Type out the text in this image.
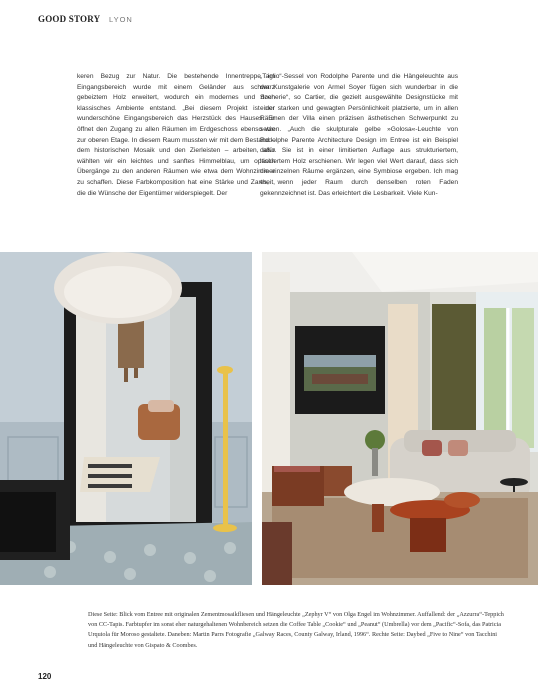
GOOD STORY LYON
keren Bezug zur Natur. Die bestehende Innentreppe im Eingangsbereich wurde mit einem Geländer aus schwarz gebeiztem Holz erweitert, wodurch ein modernes und doch klassisches Ambiente entstand. „Bei diesem Projekt ist der wunderschöne Eingangsbereich das Herzstück des Hauses. Er öffnet den Zugang zu allen Räumen im Erdgeschoss ebenso wie zur oberen Etage. In diesem Raum mussten wir mit dem Bestand – dem historischen Mosaik und den Zierleisten – arbeiten, also wählten wir ein leichtes und sanftes Himmelblau, um optisch Übergänge zu den anderen Räumen wie etwa dem Wohnzimmer zu schaffen. Diese Farbkomposition hat eine Stärke und Zartheit, die die Wünsche der Eigentümer widerspiegelt. Der
„Taglio“-Sessel von Rodolphe Parente und die Hängeleuchte aus der Kunstgalerie von Armel Soyer fügen sich wunderbar in die Szenerie“, so Cartier, die gezielt ausgewählte Designstücke mit einer starken und gewagten Persönlichkeit platzierte, um in allen Räumen der Villa einen präzisen ästhetischen Schwerpunkt zu setzen. „Auch die skulpturale gelbe »Golosa«-Leuchte von Rodolphe Parente Architecture Design im Entree ist ein Beispiel dafür. Sie ist in einer limitierten Auflage aus strukturiertem, lackiertem Holz erschienen. Wir legen viel Wert darauf, dass sich die einzelnen Räume ergänzen, eine Symbiose ergeben. Ich mag es, wenn jeder Raum durch denselben roten Faden gekennzeichnet ist. Das erleichtert die Lesbarkeit. Viele Kun-
Diese Seite: Blick vom Entree mit originalen Zementmosaikfliesen und Hängeleuchte „Zephyr V“ von Olga Engel im Wohnzimmer. Auffallend: der „Azzurra“-Teppich von CC-Tapis. Farbtupfer im sonst eher naturgehaltenen Wohnbereich setzen die Coffee Table „Cookie“ und „Peanut“ (Umbrella) vor dem „Pacific“-Sofa, das Patricia Urquiola für Moroso gestaltete. Daneben: Martin Parrs Fotografie „Galway Races, County Galway, Irland, 1996“. Rechte Seite: Daybed „Five to Nine“ von Tacchini und Hängeleuchte von Gispato & Coombes.
120
